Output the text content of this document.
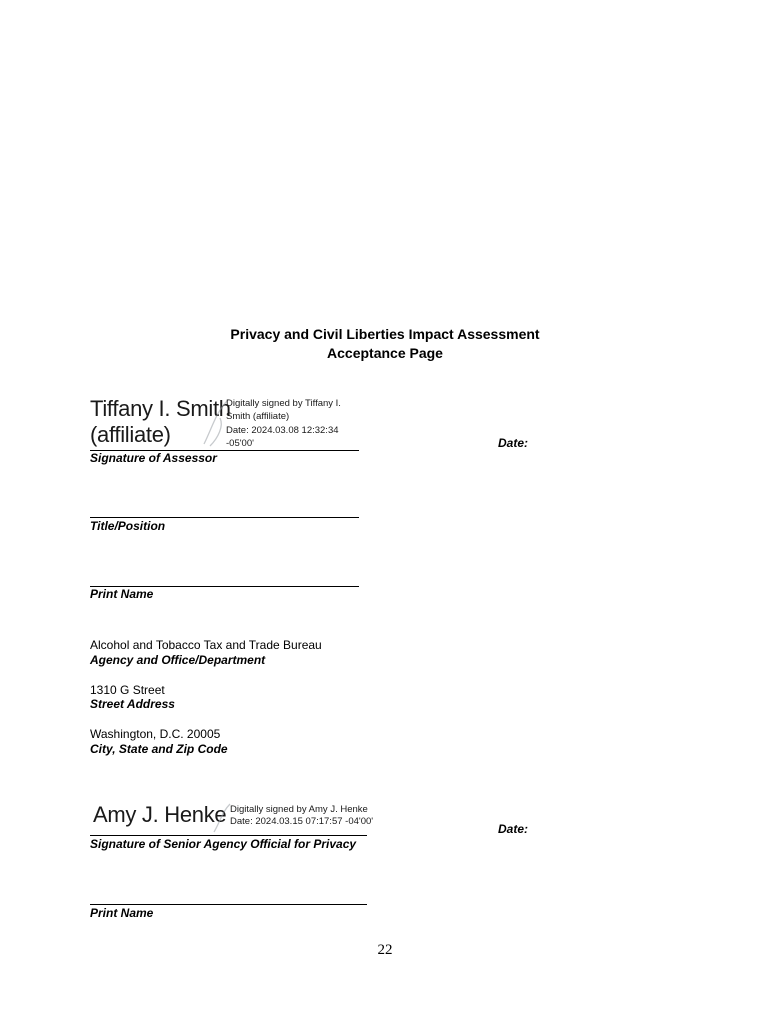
Privacy and Civil Liberties Impact Assessment
Acceptance Page
Tiffany I. Smith
(affiliate)
Digitally signed by Tiffany I.
Smith (affiliate)
Date: 2024.03.08 12:32:34
-05'00'
Signature of Assessor
Date:
Title/Position
Print Name
Alcohol and Tobacco Tax and Trade Bureau
Agency and Office/Department
1310 G Street
Street Address
Washington, D.C. 20005
City, State and Zip Code
Amy J. Henke Digitally signed by Amy J. Henke
Date: 2024.03.15 07:17:57 -04'00'
Signature of Senior Agency Official for Privacy
Date:
Print Name
22
